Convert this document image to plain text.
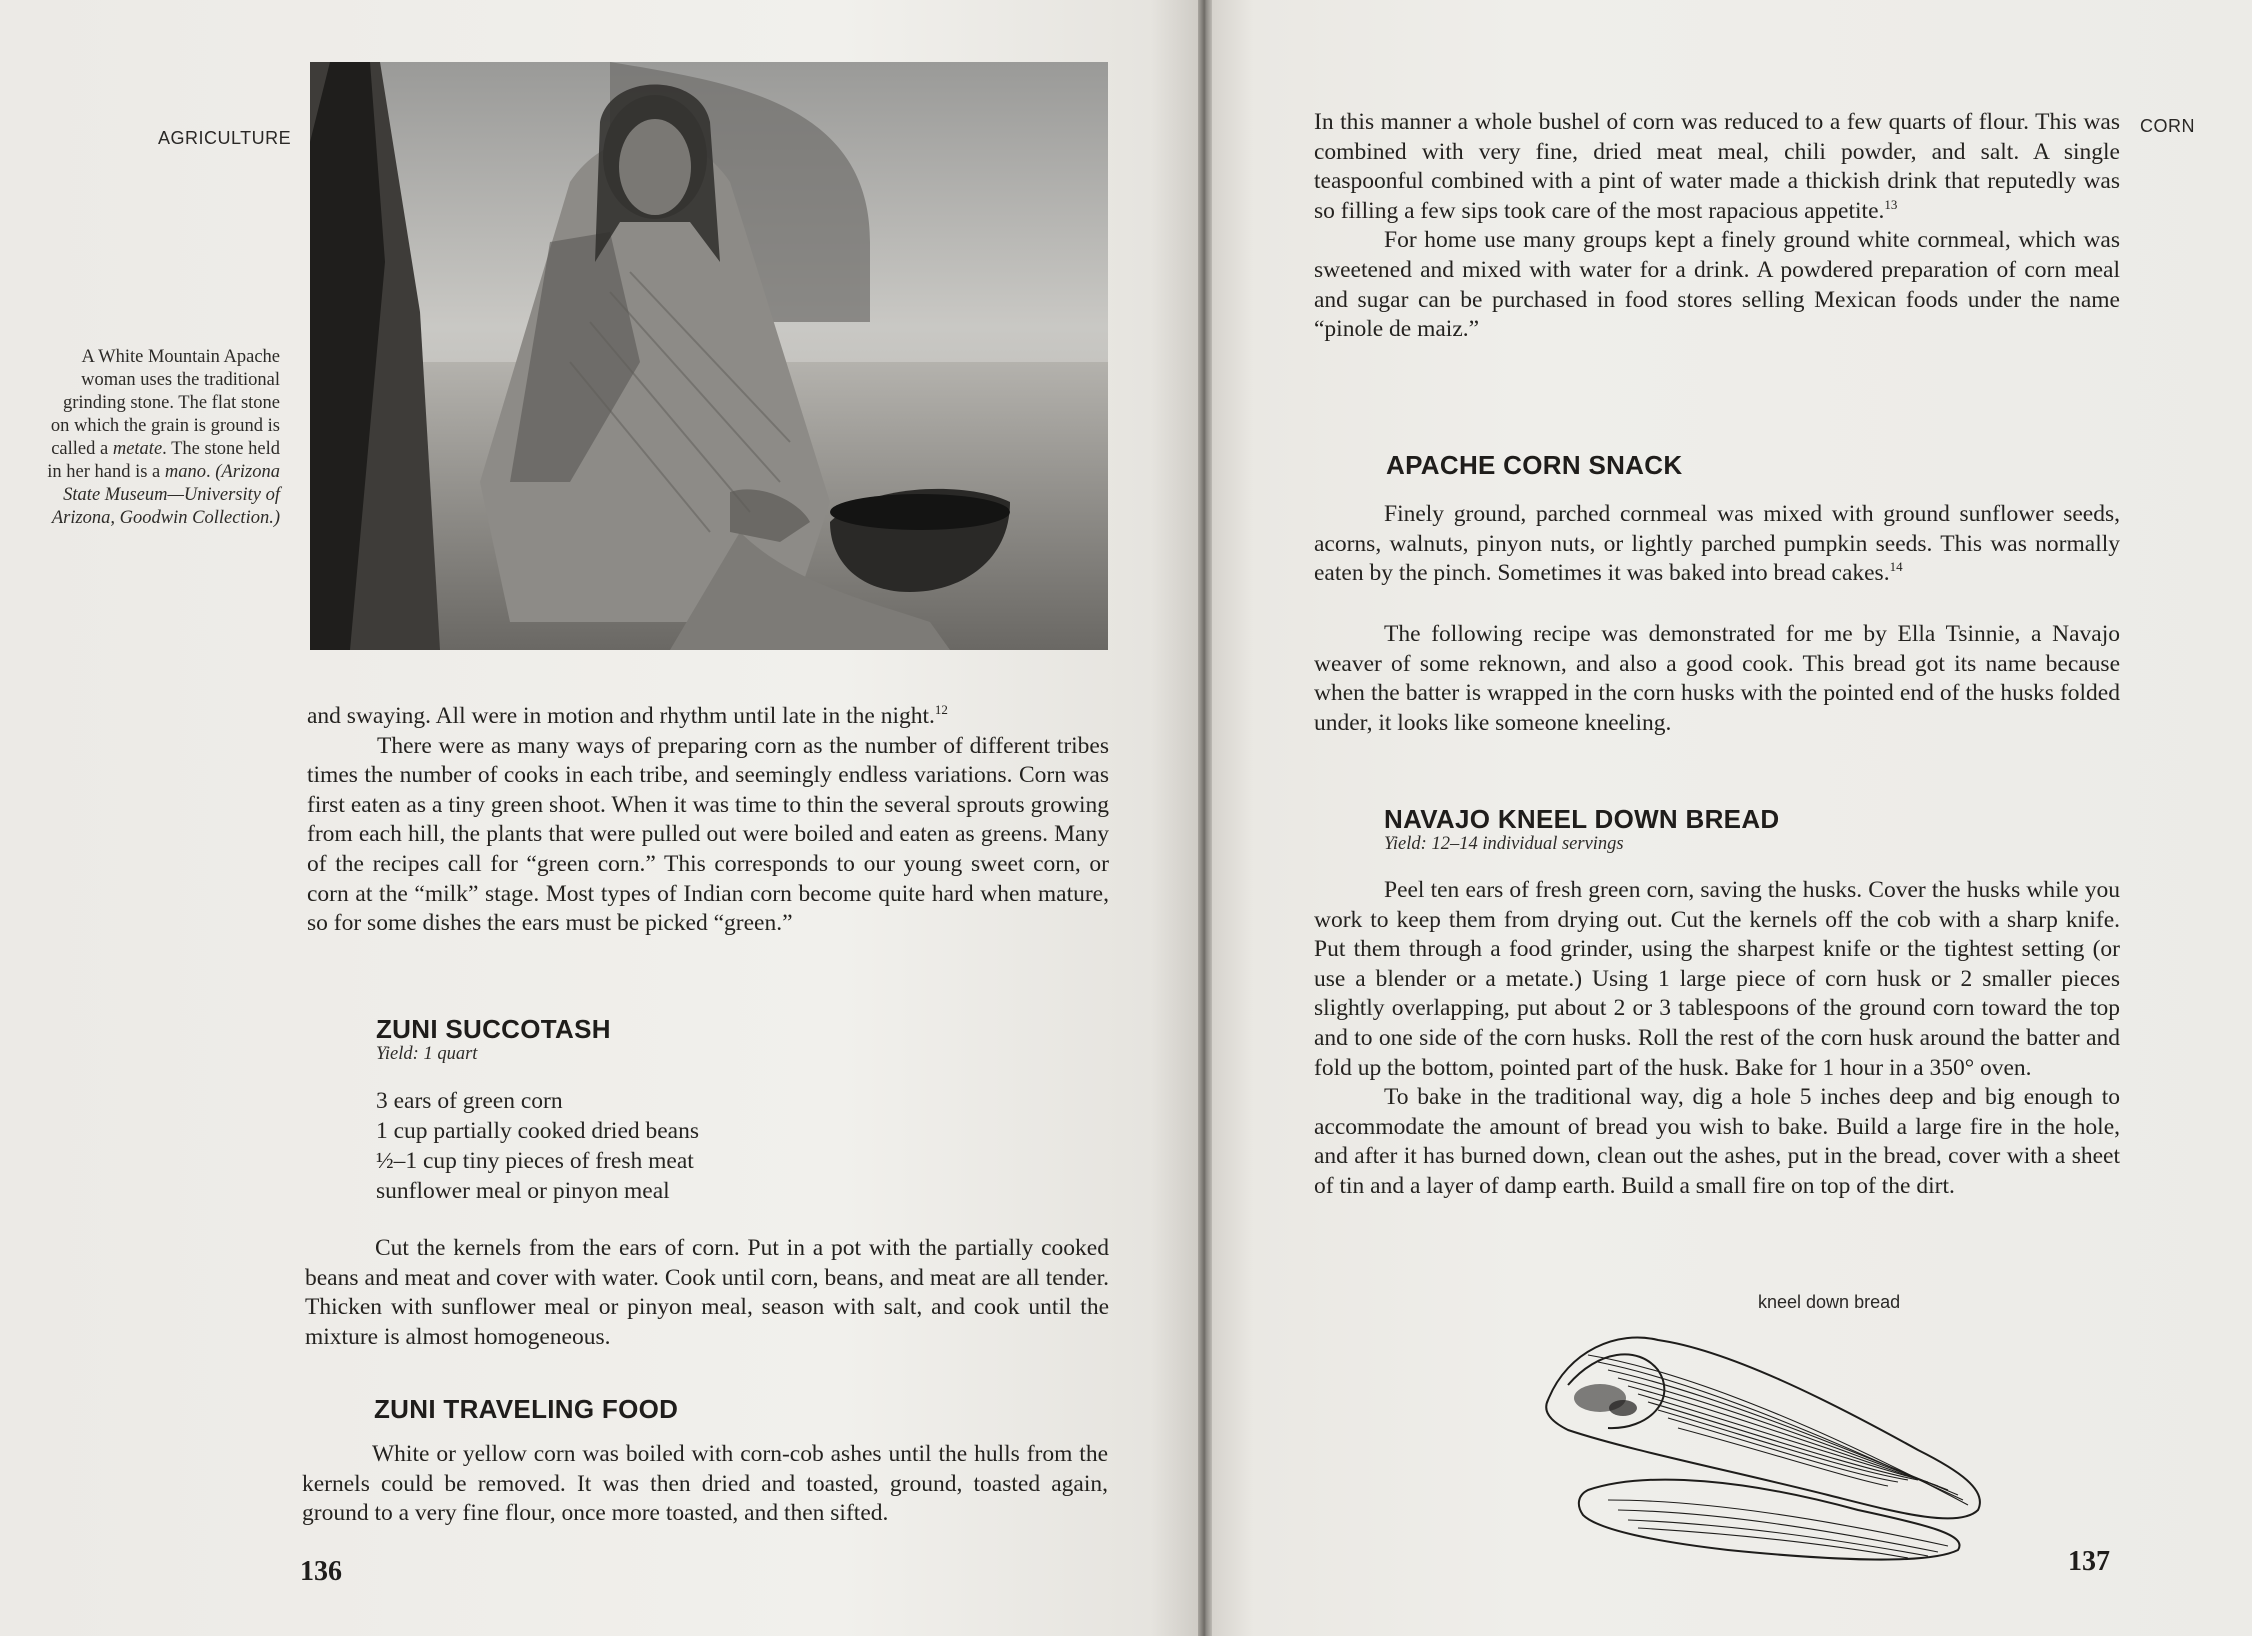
AGRICULTURE
A White Mountain Apache woman uses the traditional grinding stone. The flat stone on which the grain is ground is called a metate. The stone held in her hand is a mano. (Arizona State Museum—University of Arizona, Goodwin Collection.)

and swaying. All were in motion and rhythm until late in the night.$^{12}$

There were as many ways of preparing corn as the number of different tribes times the number of cooks in each tribe, and seemingly endless variations. Corn was first eaten as a tiny green shoot. When it was time to thin the several sprouts growing from each hill, the plants that were pulled out were boiled and eaten as greens. Many of the recipes call for “green corn.” This corresponds to our young sweet corn, or corn at the “milk” stage. Most types of Indian corn become quite hard when mature, so for some dishes the ears must be picked “green.”

ZUNI SUCCOTASH
Yield: 1 quart
3 ears of green corn
1 cup partially cooked dried beans
½–1 cup tiny pieces of fresh meat
sunflower meal or pinyon meal

Cut the kernels from the ears of corn. Put in a pot with the partially cooked beans and meat and cover with water. Cook until corn, beans, and meat are all tender. Thicken with sunflower meal or pinyon meal, season with salt, and cook until the mixture is almost homogeneous.

ZUNI TRAVELING FOOD

White or yellow corn was boiled with corn-cob ashes until the hulls from the kernels could be removed. It was then dried and toasted, ground, toasted again, ground to a very fine flour, once more toasted, and then sifted.

136
CORN

In this manner a whole bushel of corn was reduced to a few quarts of flour. This was combined with very fine, dried meat meal, chili powder, and salt. A single teaspoonful combined with a pint of water made a thickish drink that reputedly was so filling a few sips took care of the most rapacious appetite.$^{13}$

For home use many groups kept a finely ground white cornmeal, which was sweetened and mixed with water for a drink. A powdered preparation of corn meal and sugar can be purchased in food stores selling Mexican foods under the name “pinole de maiz.”

APACHE CORN SNACK

Finely ground, parched cornmeal was mixed with ground sunflower seeds, acorns, walnuts, pinyon nuts, or lightly parched pumpkin seeds. This was normally eaten by the pinch. Sometimes it was baked into bread cakes.$^{14}$

The following recipe was demonstrated for me by Ella Tsinnie, a Navajo weaver of some reknown, and also a good cook. This bread got its name because when the batter is wrapped in the corn husks with the pointed end of the husks folded under, it looks like someone kneeling.

NAVAJO KNEEL DOWN BREAD
Yield: 12–14 individual servings

Peel ten ears of fresh green corn, saving the husks. Cover the husks while you work to keep them from drying out. Cut the kernels off the cob with a sharp knife. Put them through a food grinder, using the sharpest knife or the tightest setting (or use a blender or a metate.) Using 1 large piece of corn husk or 2 smaller pieces slightly overlapping, put about 2 or 3 tablespoons of the ground corn toward the top and to one side of the corn husks. Roll the rest of the corn husk around the batter and fold up the bottom, pointed part of the husk. Bake for 1 hour in a 350° oven.

To bake in the traditional way, dig a hole 5 inches deep and big enough to accommodate the amount of bread you wish to bake. Build a large fire in the hole, and after it has burned down, clean out the ashes, put in the bread, cover with a sheet of tin and a layer of damp earth. Build a small fire on top of the dirt.

kneel down bread
137
